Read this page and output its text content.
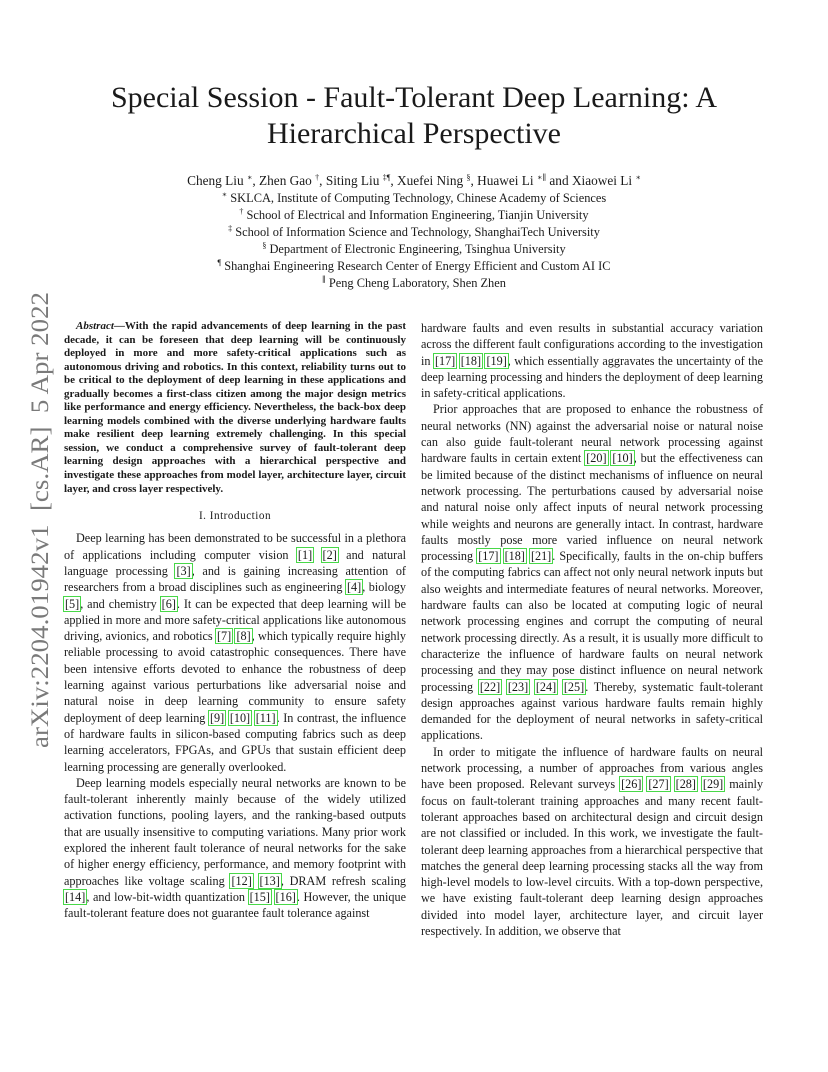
arXiv:2204.01942v1  [cs.AR]  5 Apr 2022
Special Session - Fault-Tolerant Deep Learning: A Hierarchical Perspective

Cheng Liu ∗, Zhen Gao †, Siting Liu ‡¶, Xuefei Ning §, Huawei Li ∗∥ and Xiaowei Li ∗

∗ SKLCA, Institute of Computing Technology, Chinese Academy of Sciences
† School of Electrical and Information Engineering, Tianjin University
‡ School of Information Science and Technology, ShanghaiTech University
§ Department of Electronic Engineering, Tsinghua University
¶ Shanghai Engineering Research Center of Energy Efficient and Custom AI IC
∥ Peng Cheng Laboratory, Shen Zhen

Abstract—With the rapid advancements of deep learning in the past decade, it can be foreseen that deep learning will be continuously deployed in more and more safety-critical applications such as autonomous driving and robotics. In this context, reliability turns out to be critical to the deployment of deep learning in these applications and gradually becomes a first-class citizen among the major design metrics like performance and energy efficiency. Nevertheless, the back-box deep learning models combined with the diverse underlying hardware faults make resilient deep learning extremely challenging. In this special session, we conduct a comprehensive survey of fault-tolerant deep learning design approaches with a hierarchical perspective and investigate these approaches from model layer, architecture layer, circuit layer, and cross layer respectively.

I. Introduction

Deep learning has been demonstrated to be successful in a plethora of applications including computer vision [1] [2] and natural language processing [3], and is gaining increasing attention of researchers from a broad disciplines such as engineering [4], biology [5], and chemistry [6]. It can be expected that deep learning will be applied in more and more safety-critical applications like autonomous driving, avionics, and robotics [7] [8], which typically require highly reliable processing to avoid catastrophic consequences. There have been intensive efforts devoted to enhance the robustness of deep learning against various perturbations like adversarial noise and natural noise in deep learning community to ensure safety deployment of deep learning [9] [10] [11]. In contrast, the influence of hardware faults in silicon-based computing fabrics such as deep learning accelerators, FPGAs, and GPUs that sustain efficient deep learning processing are generally overlooked.

Deep learning models especially neural networks are known to be fault-tolerant inherently mainly because of the widely utilized activation functions, pooling layers, and the ranking-based outputs that are usually insensitive to computing variations. Many prior work explored the inherent fault tolerance of neural networks for the sake of higher energy efficiency, performance, and memory footprint with approaches like voltage scaling [12] [13], DRAM refresh scaling [14], and low-bit-width quantization [15] [16]. However, the unique fault-tolerant feature does not guarantee fault tolerance against

hardware faults and even results in substantial accuracy variation across the different fault configurations according to the investigation in [17] [18] [19], which essentially aggravates the uncertainty of the deep learning processing and hinders the deployment of deep learning in safety-critical applications.

Prior approaches that are proposed to enhance the robustness of neural networks (NN) against the adversarial noise or natural noise can also guide fault-tolerant neural network processing against hardware faults in certain extent [20] [10], but the effectiveness can be limited because of the distinct mechanisms of influence on neural network processing. The perturbations caused by adversarial noise and natural noise only affect inputs of neural network processing while weights and neurons are generally intact. In contrast, hardware faults mostly pose more varied influence on neural network processing [17] [18] [21]. Specifically, faults in the on-chip buffers of the computing fabrics can affect not only neural network inputs but also weights and intermediate features of neural networks. Moreover, hardware faults can also be located at computing logic of neural network processing engines and corrupt the computing of neural network processing directly. As a result, it is usually more difficult to characterize the influence of hardware faults on neural network processing and they may pose distinct influence on neural network processing [22] [23] [24] [25]. Thereby, systematic fault-tolerant design approaches against various hardware faults remain highly demanded for the deployment of neural networks in safety-critical applications.

In order to mitigate the influence of hardware faults on neural network processing, a number of approaches from various angles have been proposed. Relevant surveys [26] [27] [28] [29] mainly focus on fault-tolerant training approaches and many recent fault-tolerant approaches based on architectural design and circuit design are not classified or included. In this work, we investigate the fault-tolerant deep learning approaches from a hierarchical perspective that matches the general deep learning processing stacks all the way from high-level models to low-level circuits. With a top-down perspective, we have existing fault-tolerant deep learning design approaches divided into model layer, architecture layer, and circuit layer respectively. In addition, we observe that
